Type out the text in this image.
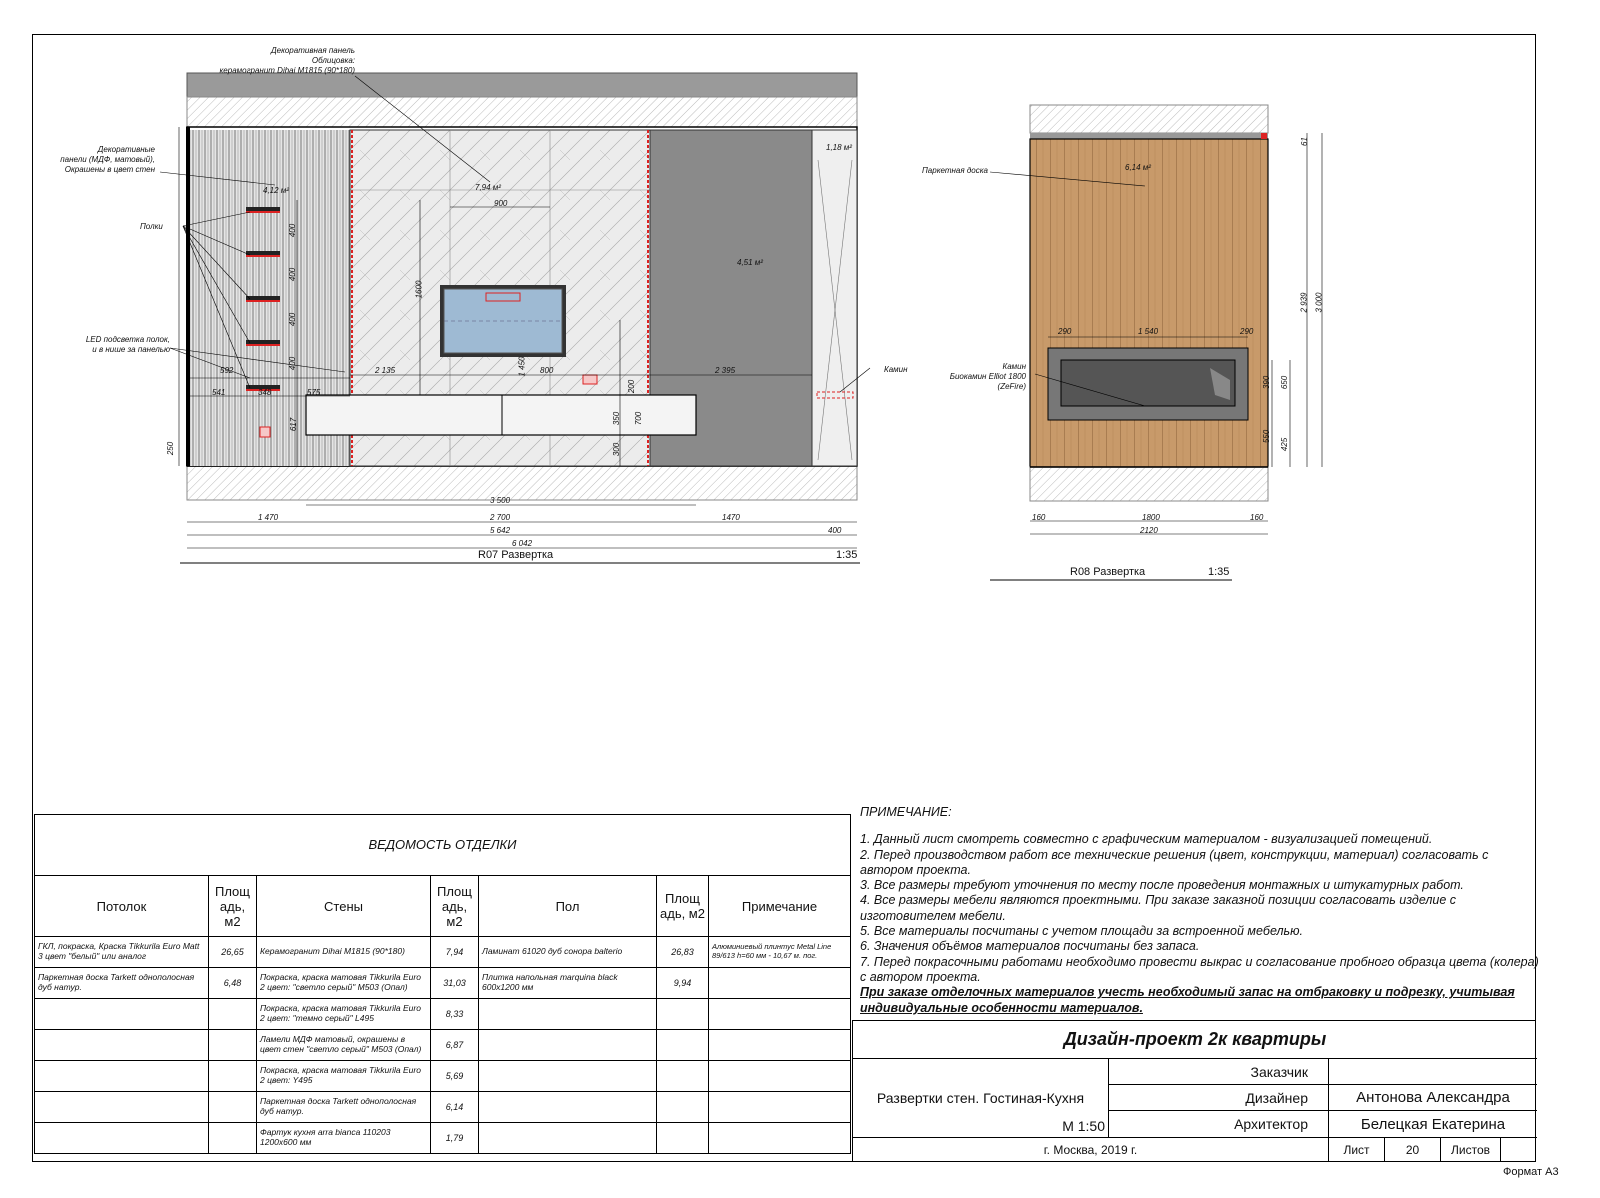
Декоративная панель
Облицовка:
керамогранит Dihai M1815 (90*180)
Декоративные
панели (МДФ, матовый),
Окрашены в цвет стен
Полки
LED подсветка полок,
и в нише за панелью
Камин
4,12 м²	7,94 м²
4,51 м²
1,18 м²
900
1600
1 450 800
2 135	2 395
592
541	348	575
617
250
350 700
300
200
400
400
400
400
3 500
1 470	2 700	1470
5 642	400
6 042
R07 Развертка	1:35
Паркетная доска
Камин
Биокамин Elliot 1800
(ZeFire)
6,14 м²
290	1 540	290
160	1800	160
2120
61
2 939 3 000
390 650
550
425
R08 Развертка	1:35
ВЕДОМОСТЬ ОТДЕЛКИ						
Потолок	Площ адь, м2	Стены	Площ адь, м2	Пол	Площ адь, м2	Примечание
ГКЛ, покраска, Краска Tikkurila Euro Matt 3 цвет "белый" или аналог	26,65	Керамогранит Dihai M1815 (90*180)	7,94	Ламинат 61020 дуб сонора balterio	26,83	Алюминиевый плинтус Metal Line 89/613 h=60 мм - 10,67 м. пог.
Паркетная доска Tarkett однополосная дуб натур.	6,48	Покраска, краска матовая Tikkurila Euro 2 цвет: "светло серый" M503 (Опал)	31,03	Плитка напольная marquina black 600x1200 мм	9,94	
		Покраска, краска матовая Tikkurila Euro 2 цвет: "темно серый" L495	8,33			
		Ламели МДФ матовый, окрашены в цвет стен "светло серый" M503 (Опал)	6,87			
		Покраска, краска матовая Tikkurila Euro 2 цвет: Y495	5,69			
		Паркетная доска Tarkett однополосная дуб натур.	6,14			
		Фартук кухня arra bianca 110203 1200x600 мм	1,79			

ПРИМЕЧАНИЕ:

1. Данный лист смотреть совместно с графическим материалом - визуализацией помещений.

2. Перед производством работ все технические решения (цвет, конструкции, материал) согласовать с автором проекта.

3. Все размеры требуют уточнения по месту после проведения монтажных и штукатурных работ.

4. Все размеры мебели являются проектными. При заказе заказной позиции согласовать изделие с изготовителем мебели.

5. Все материалы посчитаны с учетом площади за встроенной мебелью.

6. Значения объёмов материалов посчитаны без запаса.

7. Перед покрасочными работами необходимо провести выкрас и согласование пробного образца цвета (колера) с автором проекта.

При заказе отделочных материалов учесть необходимый запас на отбраковку и подрезку, учитывая индивидуальные особенности материалов.

Дизайн-проект 2к квартиры
Развертки стен. Гостиная-Кухня
М 1:50
Заказчик
Дизайнер
Архитектор
Антонова Александра
Белецкая Екатерина
г. Москва, 2019 г.	Лист	20	Листов
Формат А3
